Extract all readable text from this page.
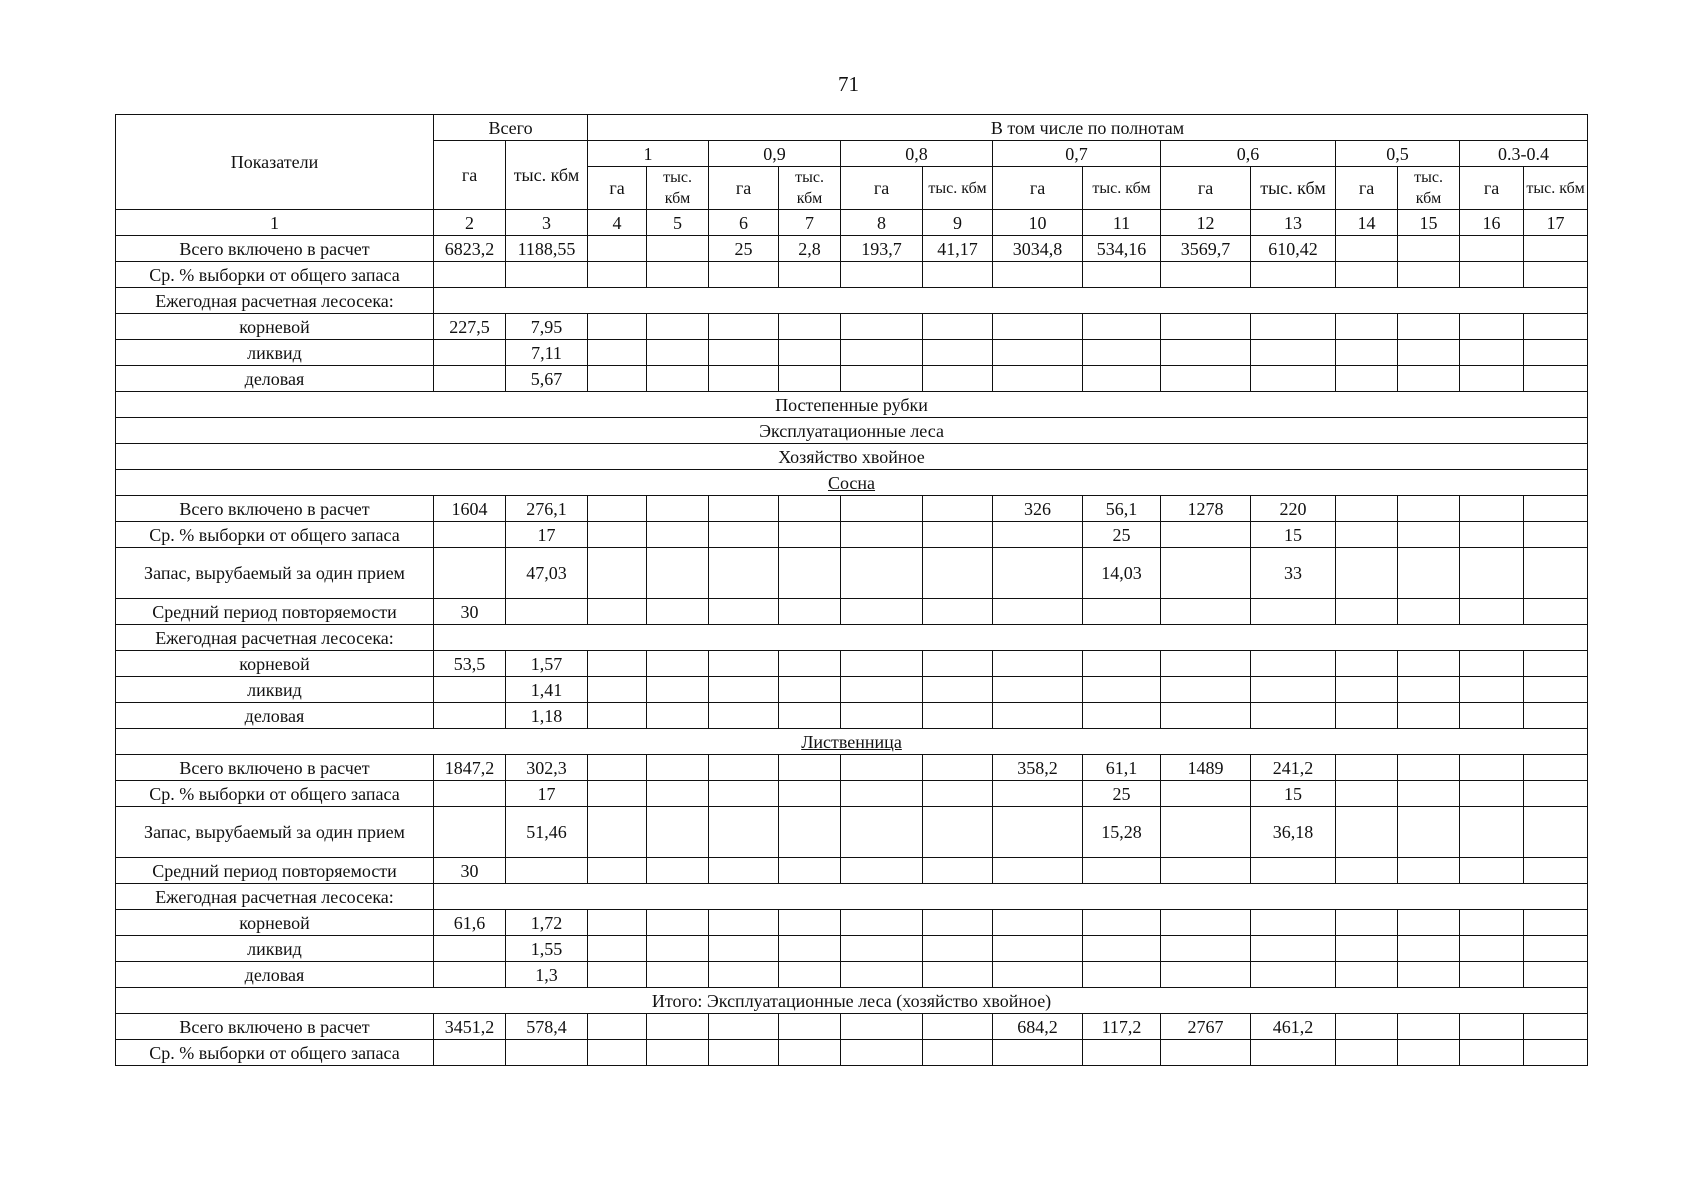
71
Показатели	Всего		В том числе по полнотам													
	га	тыс. кбм	1		0,9		0,8		0,7		0,6		0,5		0.3-0.4	
			га	тыс. кбм	га	тыс. кбм	га	тыс. кбм	га	тыс. кбм	га	тыс. кбм	га	тыс. кбм	га	тыс. кбм
1	2	3	4	5	6	7	8	9	10	11	12	13	14	15	16	17
Всего включено в расчет	6823,2	1188,55			25	2,8	193,7	41,17	3034,8	534,16	3569,7	610,42				
Ср. % выборки от общего запаса																
Ежегодная расчетная лесосека:																
корневой	227,5	7,95														
ликвид		7,11														
деловая		5,67														
Постепенные рубки																
Эксплуатационные леса																
Хозяйство хвойное																
Сосна																
Всего включено в расчет	1604	276,1							326	56,1	1278	220				
Ср. % выборки от общего запаса		17								25		15				
Запас, вырубаемый за один прием		47,03								14,03		33				
Средний период повторяемости	30															
Ежегодная расчетная лесосека:																
корневой	53,5	1,57														
ликвид		1,41														
деловая		1,18														
Лиственница																
Всего включено в расчет	1847,2	302,3							358,2	61,1	1489	241,2				
Ср. % выборки от общего запаса		17								25		15				
Запас, вырубаемый за один прием		51,46								15,28		36,18				
Средний период повторяемости	30															
Ежегодная расчетная лесосека:																
корневой	61,6	1,72														
ликвид		1,55														
деловая		1,3														
Итого: Эксплуатационные леса (хозяйство хвойное)																
Всего включено в расчет	3451,2	578,4							684,2	117,2	2767	461,2				
Ср. % выборки от общего запаса																
